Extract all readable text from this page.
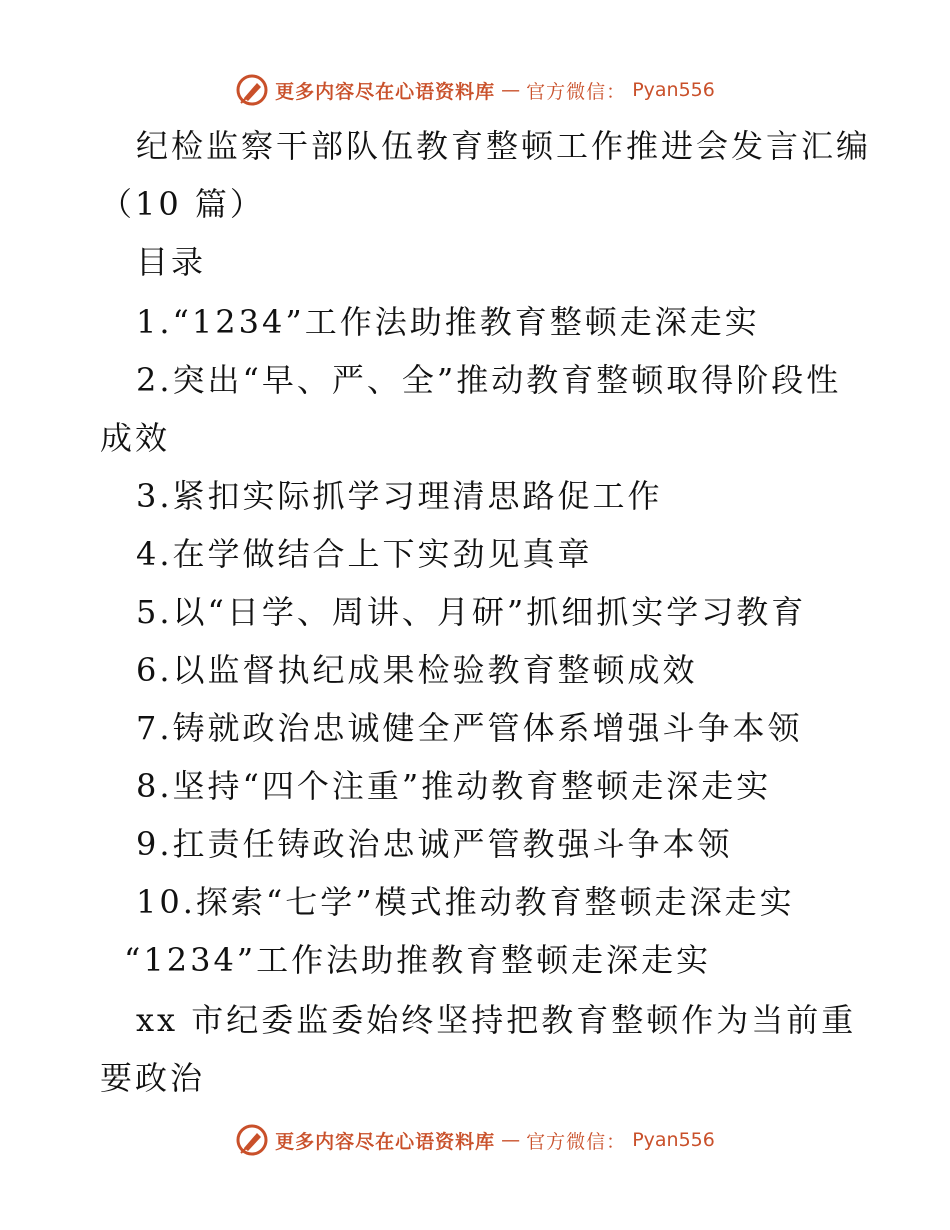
更多内容尽在心语资料库 — 官方微信： Pyan556
纪检监察干部队伍教育整顿工作推进会发言汇编
（10 篇）
目录
1.“1234”工作法助推教育整顿走深走实
2.突出“早、严、全”推动教育整顿取得阶段性
成效
3.紧扣实际抓学习理清思路促工作
4.在学做结合上下实劲见真章
5.以“日学、周讲、月研”抓细抓实学习教育
6.以监督执纪成果检验教育整顿成效
7.铸就政治忠诚健全严管体系增强斗争本领
8.坚持“四个注重”推动教育整顿走深走实
9.扛责任铸政治忠诚严管教强斗争本领
10.探索“七学”模式推动教育整顿走深走实
“1234”工作法助推教育整顿走深走实
xx 市纪委监委始终坚持把教育整顿作为当前重
要政治
更多内容尽在心语资料库 — 官方微信： Pyan556
